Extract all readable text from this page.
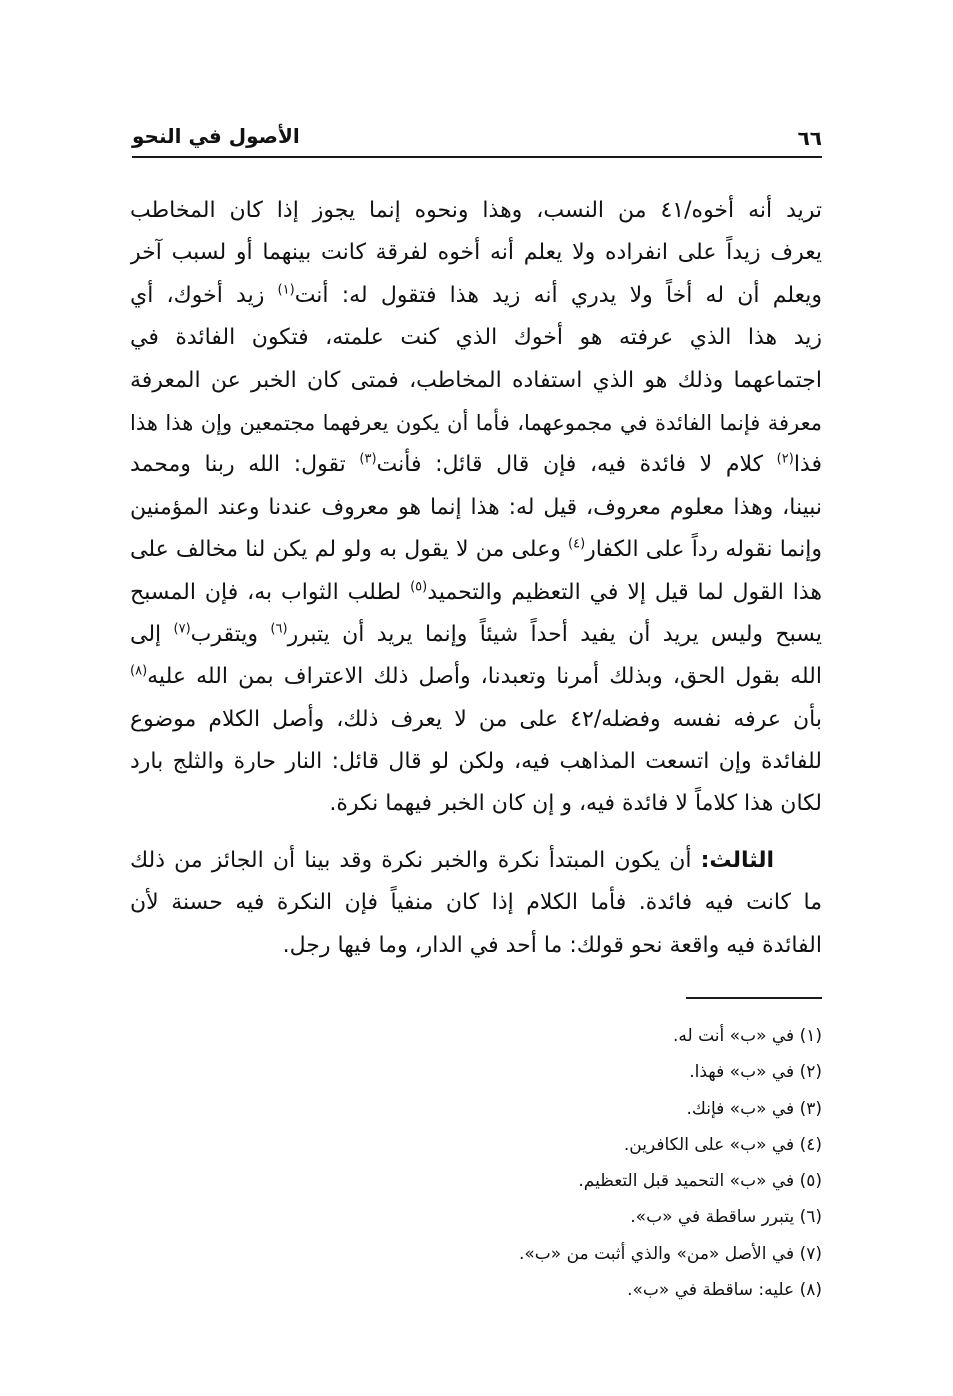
٦٦
الأصول في النحو
تريد أنه أخوه/٤١ من النسب، وهذا ونحوه إنما يجوز إذا كان المخاطب
يعرف زيداً على انفراده ولا يعلم أنه أخوه لفرقة كانت بينهما أو لسبب آخر
ويعلم أن له أخاً ولا يدري أنه زيد هذا فتقول له: أنت$^{(١)}$ زيد أخوك، أي
زيد هذا الذي عرفته هو أخوك الذي كنت علمته، فتكون الفائدة في
اجتماعهما وذلك هو الذي استفاده المخاطب، فمتى كان الخبر عن المعرفة
معرفة فإنما الفائدة في مجموعهما، فأما أن يكون يعرفهما مجتمعين وإن هذا هذا
فذا$^{(٢)}$ كلام لا فائدة فيه، فإن قال قائل: فأنت$^{(٣)}$ تقول: الله ربنا ومحمد
نبينا، وهذا معلوم معروف، قيل له: هذا إنما هو معروف عندنا وعند المؤمنين
وإنما نقوله رداً على الكفار$^{(٤)}$ وعلى من لا يقول به ولو لم يكن لنا مخالف على
هذا القول لما قيل إلا في التعظيم والتحميد$^{(٥)}$ لطلب الثواب به، فإن المسبح
يسبح وليس يريد أن يفيد أحداً شيئاً وإنما يريد أن يتبرر$^{(٦)}$ ويتقرب$^{(٧)}$ إلى
الله بقول الحق، وبذلك أمرنا وتعبدنا، وأصل ذلك الاعتراف بمن الله عليه$^{(٨)}$
بأن عرفه نفسه وفضله/٤٢ على من لا يعرف ذلك، وأصل الكلام موضوع
للفائدة وإن اتسعت المذاهب فيه، ولكن لو قال قائل: النار حارة والثلج بارد
لكان هذا كلاماً لا فائدة فيه، و إن كان الخبر فيهما نكرة.
الثالث: أن يكون المبتدأ نكرة والخبر نكرة وقد بينا أن الجائز من ذلك
ما كانت فيه فائدة. فأما الكلام إذا كان منفياً فإن النكرة فيه حسنة لأن
الفائدة فيه واقعة نحو قولك: ما أحد في الدار، وما فيها رجل.
(١) في «ب» أنت له.
(٢) في «ب» فهذا.
(٣) في «ب» فإنك.
(٤) في «ب» على الكافرين.
(٥) في «ب» التحميد قبل التعظيم.
(٦) يتبرر ساقطة في «ب».
(٧) في الأصل «من» والذي أثبت من «ب».
(٨) عليه: ساقطة في «ب».
